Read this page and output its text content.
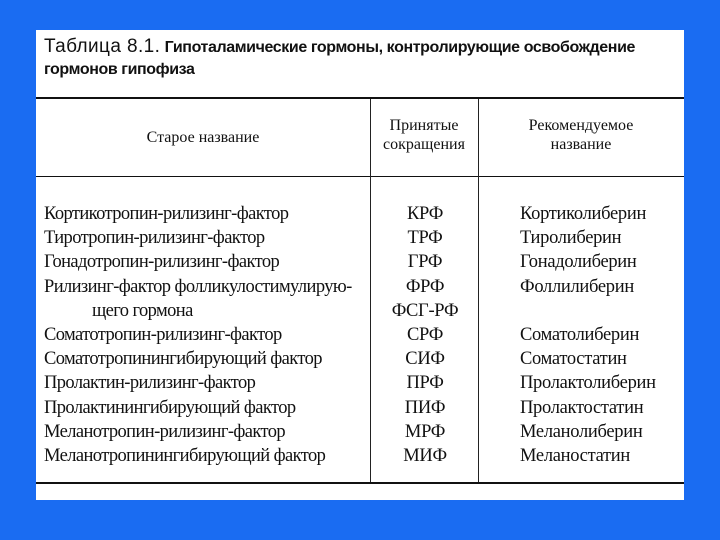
Таблица 8.1. Гипоталамические гормоны, контролирующие освобождение гормонов гипофиза
Старое название
Принятые
сокращения
Рекомендуемое
название
Кортикотропин-рилизинг-фактор
Тиротропин-рилизинг-фактор
Гонадотропин-рилизинг-фактор
Рилизинг-фактор фолликулостимулирую-
щего гормона
Соматотропин-рилизинг-фактор
Соматотропинингибирующий фактор
Пролактин-рилизинг-фактор
Пролактинингибирующий фактор
Меланотропин-рилизинг-фактор
Меланотропинингибирующий фактор
КРФ
ТРФ
ГРФ
ФРФ
ФСГ-РФ
СРФ
СИФ
ПРФ
ПИФ
МРФ
МИФ
Кортиколиберин
Тиролиберин
Гонадолиберин
Фоллилиберин
Соматолиберин
Соматостатин
Пролактолиберин
Пролактостатин
Меланолиберин
Меланостатин
